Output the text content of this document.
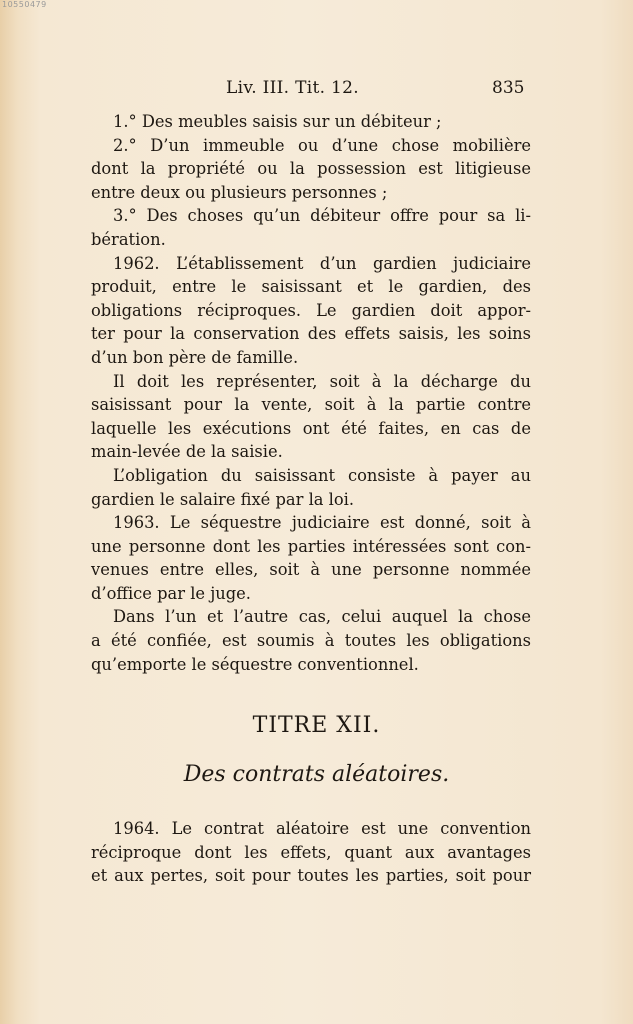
10550479
Liv. III. Tit. 12.	835
1.° Des meubles saisis sur un débiteur ;
2.° D’un immeuble ou d’une chose mobilière
dont la propriété ou la possession est litigieuse
entre deux ou plusieurs personnes ;
3.° Des choses qu’un débiteur offre pour sa li-
bération.
1962. L’établissement d’un gardien judiciaire
produit, entre le saisissant et le gardien, des
obligations réciproques. Le gardien doit appor-
ter pour la conservation des effets saisis, les soins
d’un bon père de famille.
Il doit les représenter, soit à la décharge du
saisissant pour la vente, soit à la partie contre
laquelle les exécutions ont été faites, en cas de
main-levée de la saisie.
L’obligation du saisissant consiste à payer au
gardien le salaire fixé par la loi.
1963. Le séquestre judiciaire est donné, soit à
une personne dont les parties intéressées sont con-
venues entre elles, soit à une personne nommée
d’office par le juge.
Dans l’un et l’autre cas, celui auquel la chose
a été confiée, est soumis à toutes les obligations
qu’emporte le séquestre conventionnel.
TITRE XII.
Des contrats aléatoires.
1964. Le contrat aléatoire est une convention
réciproque dont les effets, quant aux avantages
et aux pertes, soit pour toutes les parties, soit pour
